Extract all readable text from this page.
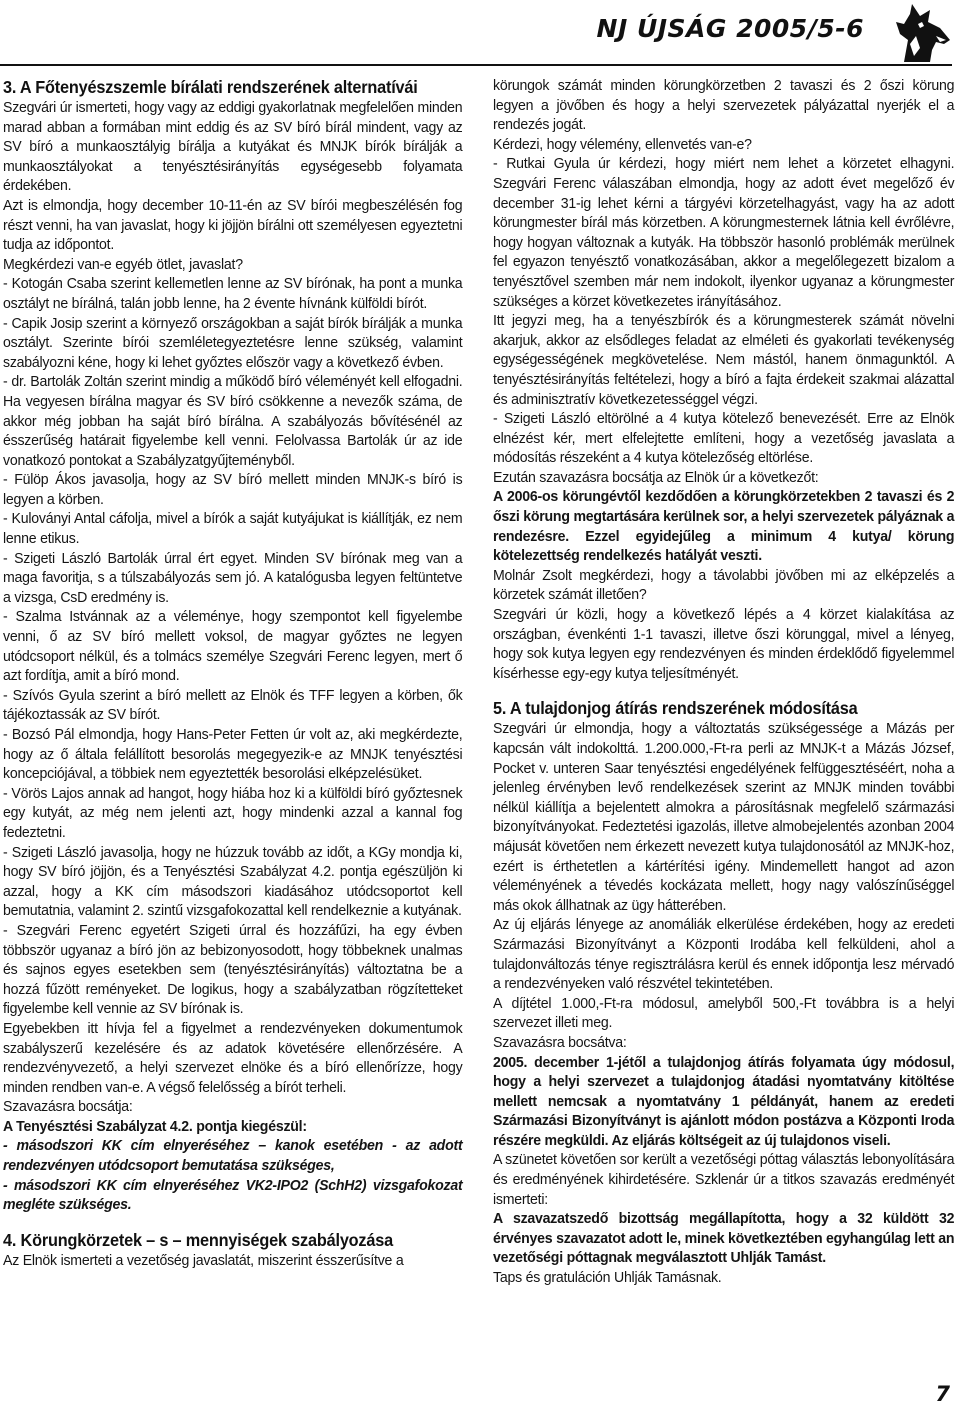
NJ ÚJSÁG 2005/5-6

3. A Főtenyészszemle bírálati rendszerének alternatívái

Szegvári úr ismerteti, hogy vagy az eddigi gyakorlatnak megfelelően minden marad abban a formában mint eddig és az SV bíró bírál mindent, vagy az SV bíró a munkaosztályig bírálja a kutyákat és MNJK bírók bírálják a munkaosztályokat a tenyésztésirányítás egységesebb folyamata érdekében.

Azt is elmondja, hogy december 10-11-én az SV bírói megbeszélésén fog részt venni, ha van javaslat, hogy ki jöjjön bírálni ott személyesen egyeztetni tudja az időpontot.

Megkérdezi van-e egyéb ötlet, javaslat?

- Kotogán Csaba szerint kellemetlen lenne az SV bírónak, ha pont a munka osztályt ne bírálná, talán jobb lenne, ha 2 évente hívnánk külföldi bírót.

- Capik Josip szerint a környező országokban a saját bírók bírálják a munka osztályt. Szerinte bírói szemléletegyeztetésre lenne szükség, valamint szabályozni kéne, hogy ki lehet győztes először vagy a következő évben.

- dr. Bartolák Zoltán szerint mindig a működő bíró véleményét kell elfogadni. Ha vegyesen bírálna magyar és SV bíró csökkenne a nevezők száma, de akkor még jobban ha saját bíró bírálna. A szabályozás bővítésénél az ésszerűség határait figyelembe kell venni. Felolvassa Bartolák úr az ide vonatkozó pontokat a Szabályzatgyűjteményből.

- Fülöp Ákos javasolja, hogy az SV bíró mellett minden MNJK-s bíró is legyen a körben.

- Kuloványi Antal cáfolja, mivel a bírók a saját kutyájukat is kiállítják, ez nem lenne etikus.

- Szigeti László Bartolák úrral ért egyet. Minden SV bírónak meg van a maga favoritja, s a túlszabályozás sem jó. A katalógusba legyen feltüntetve a vizsga, CsD eredmény is.

- Szalma Istvánnak az a véleménye, hogy szempontot kell figyelembe venni, ő az SV bíró mellett voksol, de magyar győztes ne legyen utódcsoport nélkül, és a tolmács személye Szegvári Ferenc legyen, mert ő azt fordítja, amit a bíró mond.

- Szívós Gyula szerint a bíró mellett az Elnök és TFF legyen a körben, ők tájékoztassák az SV bírót.

- Bozsó Pál elmondja, hogy Hans-Peter Fetten úr volt az, aki megkérdezte, hogy az ő általa felállított besorolás megegyezik-e az MNJK tenyésztési koncepciójával, a többiek nem egyeztették besorolási elképzelésüket.

- Vörös Lajos annak ad hangot, hogy hiába hoz ki a külföldi bíró győztesnek egy kutyát, az még nem jelenti azt, hogy mindenki azzal a kannal fog fedeztetni.

- Szigeti László javasolja, hogy ne húzzuk tovább az időt, a KGy mondja ki, hogy SV bíró jöjjön, és a Tenyésztési Szabályzat 4.2. pontja egészüljön ki azzal, hogy a KK cím másodszori kiadásához utódcsoportot kell bemutatnia, valamint 2. szintű vizsgafokozattal kell rendelkeznie a kutyának.

- Szegvári Ferenc egyetért Szigeti úrral és hozzáfűzi, ha egy évben többször ugyanaz a bíró jön az bebizonyosodott, hogy többeknek unalmas és sajnos egyes esetekben sem (tenyésztésirányítás) változtatna be a hozzá fűzött reményeket. De logikus, hogy a szabályzatban rögzítetteket figyelembe kell vennie az SV bírónak is.

Egyebekben itt hívja fel a figyelmet a rendezvényeken dokumentumok szabályszerű kezelésére és az adatok követésére ellenőrzésére. A rendezvényvezető, a helyi szervezet elnöke és a bíró ellenőrízze, hogy minden rendben van-e. A végső felelősség a bírót terheli.

Szavazásra bocsátja:

A Tenyésztési Szabályzat 4.2. pontja kiegészül:

- másodszori KK cím elnyeréséhez – kanok esetében - az adott rendezvényen utódcsoport bemutatása szükséges,

- másodszori KK cím elnyeréséhez VK2-IPO2 (SchH2) vizsgafokozat megléte szükséges.

4. Körungkörzetek – s – mennyiségek szabályozása

Az Elnök ismerteti a vezetőség javaslatát, miszerint ésszerűsítve a

körungok számát minden körungkörzetben 2 tavaszi és 2 őszi körung legyen a jövőben és hogy a helyi szervezetek pályázattal nyerjék el a rendezés jogát.

Kérdezi, hogy vélemény, ellenvetés van-e?

- Rutkai Gyula úr kérdezi, hogy miért nem lehet a körzetet elhagyni. Szegvári Ferenc válaszában elmondja, hogy az adott évet megelőző év december 31-ig lehet kérni a tárgyévi körzetelhagyást, vagy ha az adott körungmester bírál más körzetben. A körungmesternek látnia kell évrőlévre, hogy hogyan változnak a kutyák. Ha többször hasonló problémák merülnek fel egyazon tenyésztő vonatkozásában, akkor a megelőlegezett bizalom a tenyésztővel szemben már nem indokolt, ilyenkor ugyanaz a körungmester szükséges a körzet következetes irányításához.

Itt jegyzi meg, ha a tenyészbírók és a körungmesterek számát növelni akarjuk, akkor az elsődleges feladat az elméleti és gyakorlati tevékenység egységességének megkövetelése. Nem mástól, hanem önmagunktól. A tenyésztésirányítás feltételezi, hogy a bíró a fajta érdekeit szakmai alázattal és adminisztratív következetességgel végzi.

- Szigeti László eltörölné a 4 kutya kötelező benevezését. Erre az Elnök elnézést kér, mert elfelejtette említeni, hogy a vezetőség javaslata a módosítás részeként a 4 kutya kötelezőség eltörlése.

Ezután szavazásra bocsátja az Elnök úr a következőt:

A 2006-os körungévtől kezdődően a körungkörzetekben 2 tavaszi és 2 őszi körung megtartására kerülnek sor, a helyi szervezetek pályáznak a rendezésre. Ezzel egyidejűleg a minimum 4 kutya/ körung kötelezettség rendelkezés hatályát veszti.

Molnár Zsolt megkérdezi, hogy a távolabbi jövőben mi az elképzelés a körzetek számát illetően?

Szegvári úr közli, hogy a következő lépés a 4 körzet kialakítása az országban, évenkénti 1-1 tavaszi, illetve őszi körunggal, mivel a lényeg, hogy sok kutya legyen egy rendezvényen és minden érdeklődő figyelemmel kísérhesse egy-egy kutya teljesítményét.

5. A tulajdonjog átírás rendszerének módosítása

Szegvári úr elmondja, hogy a változtatás szükségessége a Mázás per kapcsán vált indokolttá. 1.200.000,-Ft-ra perli az MNJK-t a Mázás József, Pocket v. unteren Saar tenyésztési engedélyének felfüggesztéséért, noha a jelenleg érvényben levő rendelkezések szerint az MNJK minden további nélkül kiállítja a bejelentett almokra a párosításnak megfelelő származási bizonyítványokat. Fedeztetési igazolás, illetve almobejelentés azonban 2004 májusát követően nem érkezett nevezett kutya tulajdonosától az MNJK-hoz, ezért is érthetetlen a kártérítési igény. Mindemellett hangot ad azon véleményének a tévedés kockázata mellett, hogy nagy valószínűséggel más okok állhatnak az ügy hátterében.

Az új eljárás lényege az anomáliák elkerülése érdekében, hogy az eredeti Származási Bizonyítványt a Központi Irodába kell felküldeni, ahol a tulajdonváltozás ténye regisztrálásra kerül és ennek időpontja lesz mérvadó a rendezvényeken való részvétel tekintetében.

A díjtétel 1.000,-Ft-ra módosul, amelyből 500,-Ft továbbra is a helyi szervezet illeti meg.

Szavazásra bocsátva:

2005. december 1-jétől a tulajdonjog átírás folyamata úgy módosul, hogy a helyi szervezet a tulajdonjog átadási nyomtatvány kitöltése mellett nemcsak a nyomtatvány 1 példányát, hanem az eredeti Származási Bizonyítványt is ajánlott módon postázva a Központi Iroda részére megküldi. Az eljárás költségeit az új tulajdonos viseli.

A szünetet követően sor került a vezetőségi póttag választás lebonyolítására és eredményének kihirdetésére. Szklenár úr a titkos szavazás eredményét ismerteti:

A szavazatszedő bizottság megállapította, hogy a 32 küldött 32 érvényes szavazatot adott le, minek következtében egyhangúlag lett an vezetőségi póttagnak megválasztott Uhlják Tamást.

Taps és gratuláción Uhlják Tamásnak.

7
